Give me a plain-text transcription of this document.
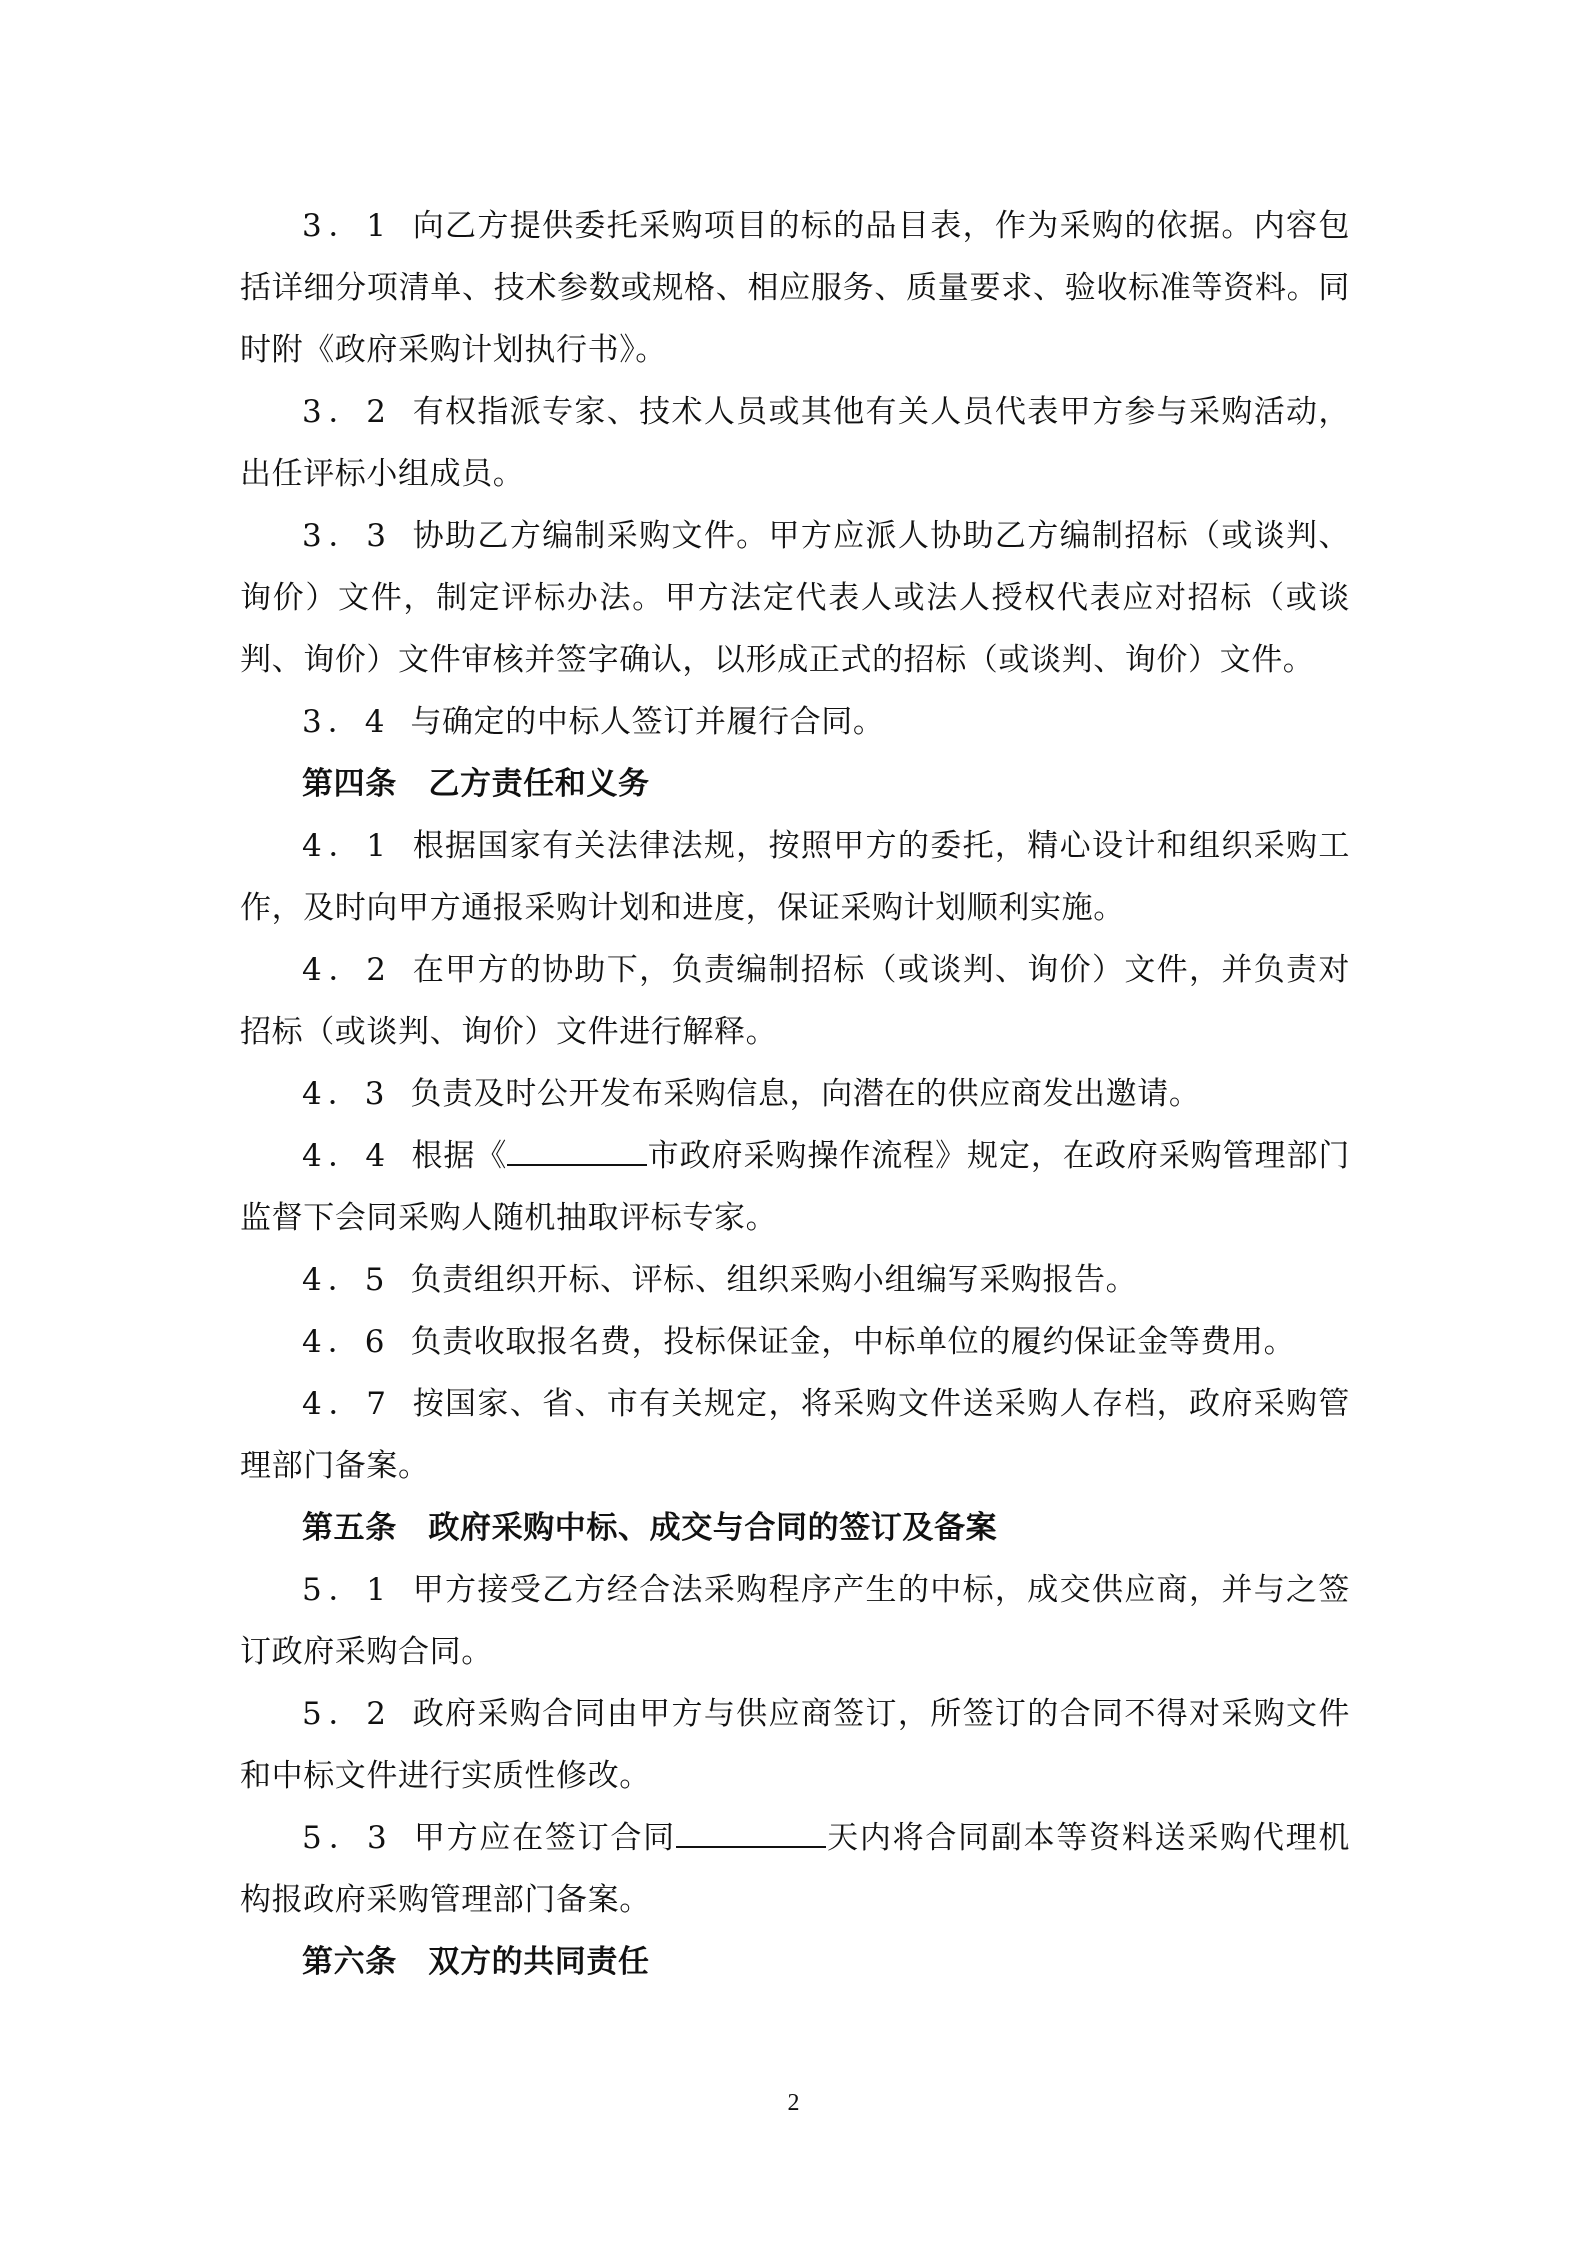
3．1 向乙方提供委托采购项目的标的品目表，作为采购的依据。内容包括详细分项清单、技术参数或规格、相应服务、质量要求、验收标准等资料。同时附《政府采购计划执行书》。

3．2 有权指派专家、技术人员或其他有关人员代表甲方参与采购活动，出任评标小组成员。

3．3 协助乙方编制采购文件。甲方应派人协助乙方编制招标（或谈判、询价）文件，制定评标办法。甲方法定代表人或法人授权代表应对招标（或谈判、询价）文件审核并签字确认，以形成正式的招标（或谈判、询价）文件。

3．4 与确定的中标人签订并履行合同。

第四条　乙方责任和义务

4．1 根据国家有关法律法规，按照甲方的委托，精心设计和组织采购工作，及时向甲方通报采购计划和进度，保证采购计划顺利实施。

4．2 在甲方的协助下，负责编制招标（或谈判、询价）文件，并负责对招标（或谈判、询价）文件进行解释。

4．3 负责及时公开发布采购信息，向潜在的供应商发出邀请。

4．4 根据《	市政府采购操作流程》规定，在政府采购管理部门监督下会同采购人随机抽取评标专家。

4．5 负责组织开标、评标、组织采购小组编写采购报告。

4．6 负责收取报名费，投标保证金，中标单位的履约保证金等费用。

4．7 按国家、省、市有关规定，将采购文件送采购人存档，政府采购管理部门备案。

第五条　政府采购中标、成交与合同的签订及备案

5．1 甲方接受乙方经合法采购程序产生的中标，成交供应商，并与之签订政府采购合同。

5．2 政府采购合同由甲方与供应商签订，所签订的合同不得对采购文件和中标文件进行实质性修改。

5．3 甲方应在签订合同	天内将合同副本等资料送采购代理机构报政府采购管理部门备案。

第六条　双方的共同责任

2
